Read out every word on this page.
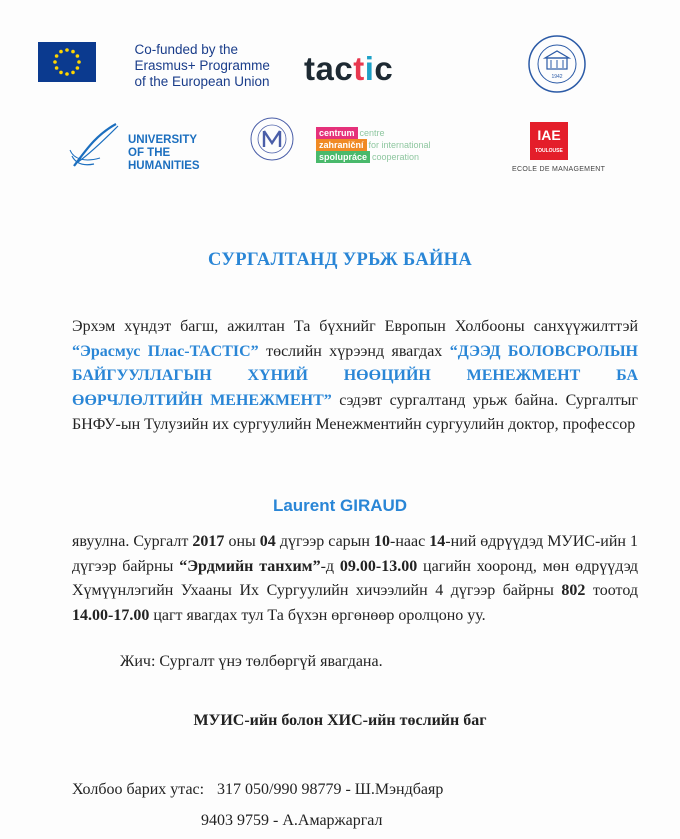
Co-funded by the
Erasmus+ Programme
of the European Union tactic	1942
UNIVERSITY
OF THE
HUMANITIES
centrum centre
zahraniční for international
spolupráce cooperation
IAE
TOULOUSE
ECOLE DE MANAGEMENT
СУРГАЛТАНД УРЬЖ БАЙНА
Эрхэм хүндэт багш, ажилтан Та бүхнийг Европын Холбооны санхүүжилттэй “Эрасмус Плас-TACTIC” төслийн хүрээнд явагдах “ДЭЭД БОЛОВСРОЛЫН БАЙГУУЛЛАГЫН ХҮНИЙ НӨӨЦИЙН МЕНЕЖМЕНТ БА ӨӨРЧЛӨЛТИЙН МЕНЕЖМЕНТ” сэдэвт сургалтанд урьж байна. Сургалтыг БНФУ-ын Тулузийн их сургуулийн Менежментийн сургуулийн доктор, профессор
Laurent GIRAUD
явуулна. Сургалт 2017 оны 04 дүгээр сарын 10-наас 14-ний өдрүүдэд МУИС-ийн 1 дүгээр байрны “Эрдмийн танхим”-д 09.00-13.00 цагийн хооронд, мөн өдрүүдэд Хүмүүнлэгийн Ухааны Их Сургуулийн хичээлийн 4 дүгээр байрны 802 тоотод 14.00-17.00 цагт явагдах тул Та бүхэн өргөнөөр оролцоно уу.
Жич: Сургалт үнэ төлбөргүй явагдана.
МУИС-ийн болон ХИС-ийн төслийн баг
Холбоо барих утас: 317 050/990 98779 - Ш.Мэндбаяр
9403 9759 - А.Амаржаргал
